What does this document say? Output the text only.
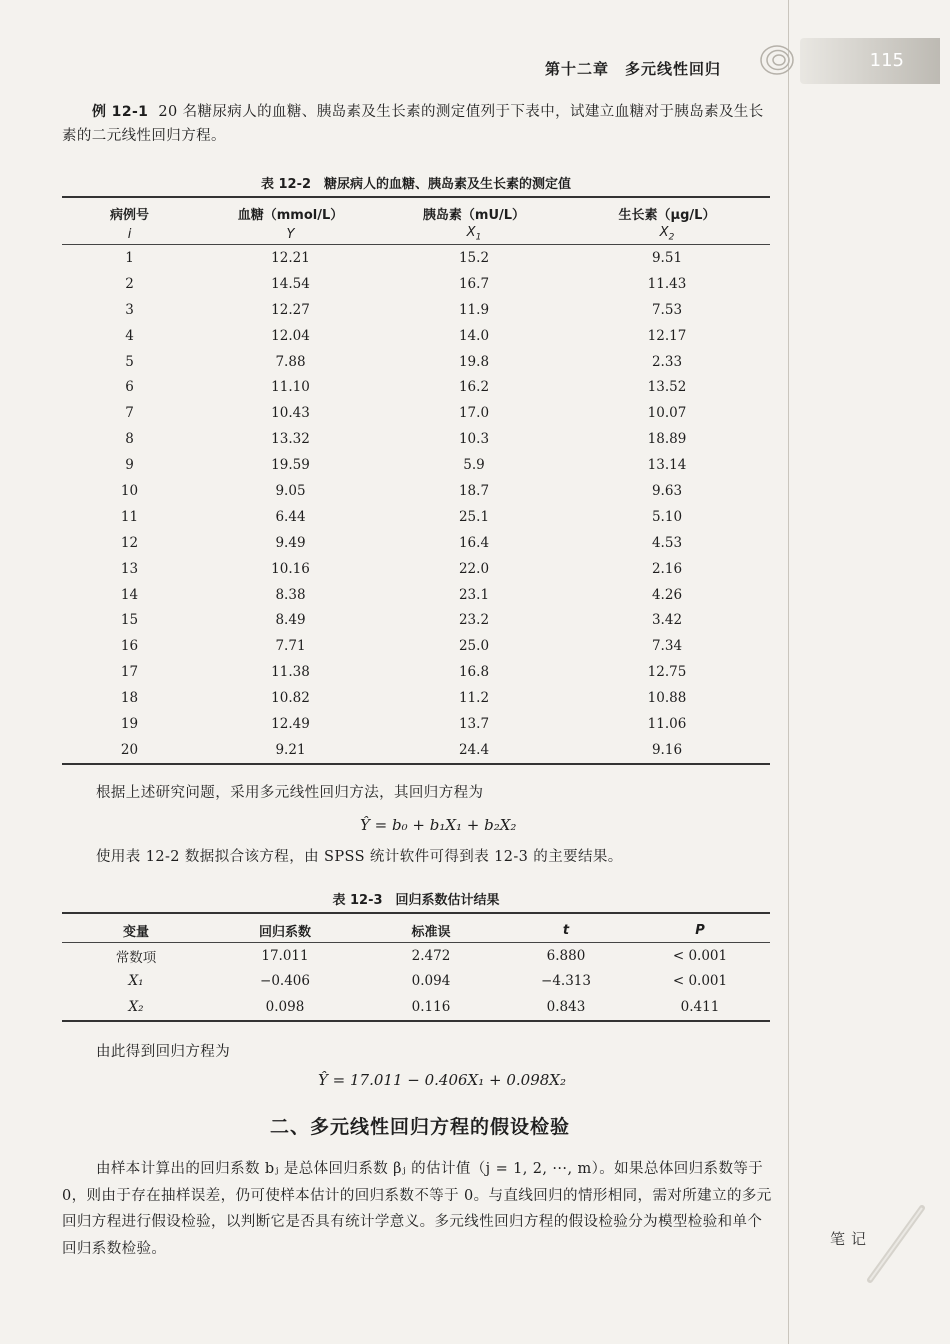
第十二章　多元线性回归	115
例 12-1 20 名糖尿病人的血糖、胰岛素及生长素的测定值列于下表中，试建立血糖对于胰岛素及生长素的二元线性回归方程。
表 12-2　糖尿病人的血糖、胰岛素及生长素的测定值
病例号	血糖（mmol/L）	胰岛素（mU/L）	生长素（μg/L）
i	Y	$X_1$	$X_2$
1	12.21	15.2	9.51
2	14.54	16.7	11.43
3	12.27	11.9	7.53
4	12.04	14.0	12.17
5	7.88	19.8	2.33
6	11.10	16.2	13.52
7	10.43	17.0	10.07
8	13.32	10.3	18.89
9	19.59	5.9	13.14
10	9.05	18.7	9.63
11	6.44	25.1	5.10
12	9.49	16.4	4.53
13	10.16	22.0	2.16
14	8.38	23.1	4.26
15	8.49	23.2	3.42
16	7.71	25.0	7.34
17	11.38	16.8	12.75
18	10.82	11.2	10.88
19	12.49	13.7	11.06
20	9.21	24.4	9.16
根据上述研究问题，采用多元线性回归方法，其回归方程为
Ŷ = b₀ + b₁X₁ + b₂X₂
使用表 12-2 数据拟合该方程，由 SPSS 统计软件可得到表 12-3 的主要结果。
表 12-3　回归系数估计结果
变量	回归系数	标准误	t	P
常数项	17.011	2.472	6.880	< 0.001
X₁	−0.406	0.094	−4.313	< 0.001
X₂	0.098	0.116	0.843	0.411
由此得到回归方程为
Ŷ = 17.011 − 0.406X₁ + 0.098X₂
二、多元线性回归方程的假设检验
由样本计算出的回归系数 bⱼ 是总体回归系数 βⱼ 的估计值（j = 1, 2, ···, m）。如果总体回归系数等于 0，则由于存在抽样误差，仍可使样本估计的回归系数不等于 0。与直线回归的情形相同，需对所建立的多元回归方程进行假设检验，以判断它是否具有统计学意义。多元线性回归方程的假设检验分为模型检验和单个回归系数检验。
笔记
